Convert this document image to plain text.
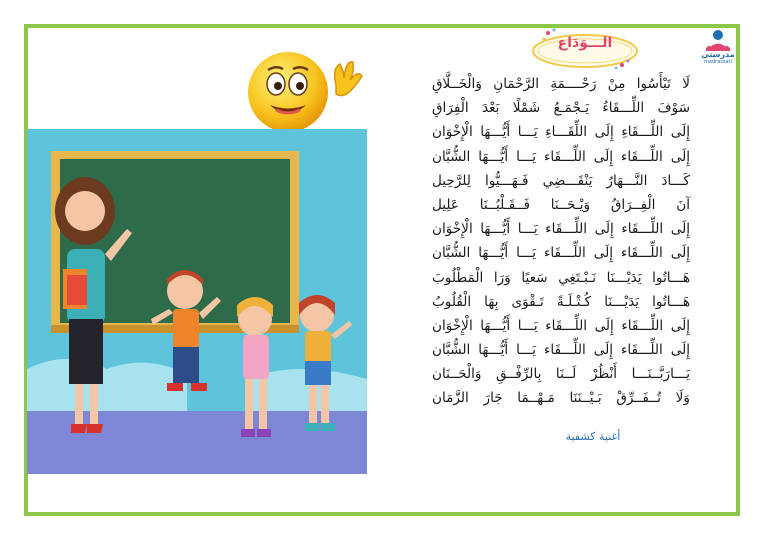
الـــوَدَاع
مدرستي
madrassati
لَا تَيْأَسُوا مِنْ رَحْــــمَةِ الرَّحْمَانِ وَالْخَــلَّاقِ
سَوْفَ اللِّـــقَاءُ يَـجْمَـعُ شَمْلًا بَعْدَ الْفِرَاقِ
إِلَى اللِّـــقَاءِ إِلَى اللِّقَـــاءِ يَـــا أَيُّـــهَا الْإِخْوَان
إِلَى اللِّـــقَاء إِلَى اللِّـــقَاء يَـــا أَيُّـــهَا الشُّبَّان
كَـــادَ النَّـــهَارُ يَنْقَـــضِي فَـهَـــيُّوا لِلرَّحِيل
آنَ الْفِــرَاقُ وَيْـحَــنَا فَــقَـلْبُــنَا عَلِيل
إِلَى اللِّـــقَاء إِلَى اللِّـــقَاء يَـــا أَيُّـــهَا الْإِخْوَان
إِلَى اللِّـــقَاء إِلَى اللِّـــقَاء يَـــا أَيُّـــهَا الشُّبَّان
هَـــاتُوا يَدَيْـــنَا نَـبْـتَغِي سَعيًا وَرَا الْمَطْلُوبَ
هَـــاتُوا يَدَيْـــنَا كُـتْـلَـةً تَـقْوَى بِهَا الْقُلُوبُ
إِلَى اللِّـــقَاء إِلَى اللِّـــقَاء يَـــا أَيُّـــهَا الْإِخْوَان
إِلَى اللِّـــقَاء إِلَى اللِّـــقَاء يَـــا أَيُّـــهَا الشُّبَّان
يَـــارَبَّــنَـــا أَنْظُرْ لَــنَا بِالرِّفْــقِ وَالْحَــنَان
وَلَا تُــفَــرِّقْ بَـيْــنَنَا مَـهْــمَا جَارَ الزَّمَان
أغنية كشفية
